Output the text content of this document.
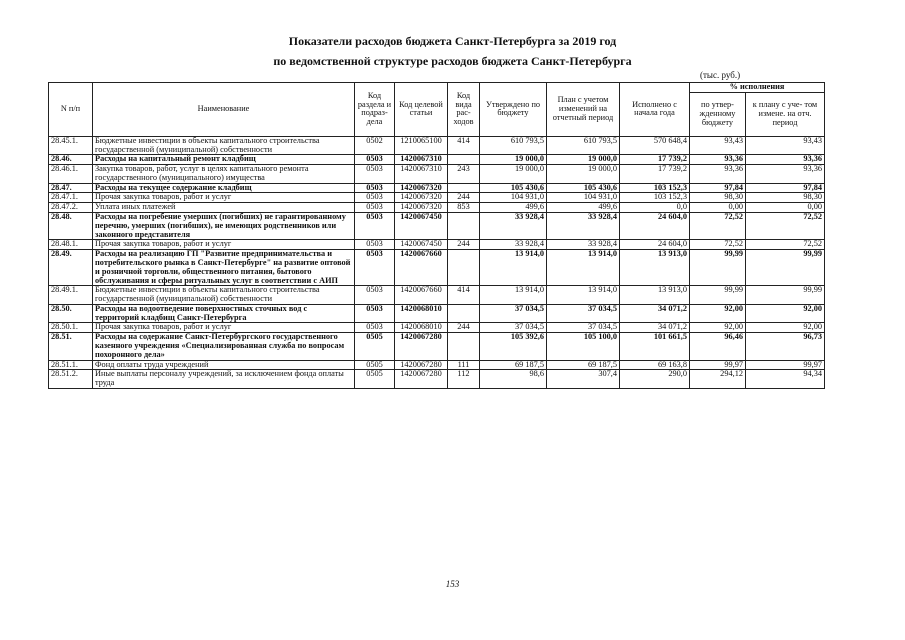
Показатели расходов бюджета Санкт-Петербурга за 2019 год
по ведомственной структуре расходов бюджета Санкт-Петербурга
(тыс. руб.)
N п/п	Наименование	Код раздела и подраз- дела	Код целевой статьи	Код вида рас- ходов	Утверждено по бюджету	План с учетом изменений на отчетный период	Исполнено с начала года	% исполнения	
								по утвер- жденному бюджету	к плану с уче- том измене. на отч. период
28.45.1.	Бюджетные инвестиции в объекты капитального строительства государственной (муниципальной) собственности	0502	1210065100	414	610 793,5	610 793,5	570 648,4	93,43	93,43
28.46.	Расходы на капитальный ремонт кладбищ	0503	1420067310		19 000,0	19 000,0	17 739,2	93,36	93,36
28.46.1.	Закупка товаров, работ, услуг в целях капитального ремонта государственного (муниципального) имущества	0503	1420067310	243	19 000,0	19 000,0	17 739,2	93,36	93,36
28.47.	Расходы на текущее содержание кладбищ	0503	1420067320		105 430,6	105 430,6	103 152,3	97,84	97,84
28.47.1.	Прочая закупка товаров, работ и услуг	0503	1420067320	244	104 931,0	104 931,0	103 152,3	98,30	98,30
28.47.2.	Уплата иных платежей	0503	1420067320	853	499,6	499,6	0,0	0,00	0,00
28.48.	Расходы на погребение умерших (погибших) не гарантированному перечню, умерших (погибших), не имеющих родственников или законного представителя	0503	1420067450		33 928,4	33 928,4	24 604,0	72,52	72,52
28.48.1.	Прочая закупка товаров, работ и услуг	0503	1420067450	244	33 928,4	33 928,4	24 604,0	72,52	72,52
28.49.	Расходы на реализацию ГП "Развитие предпринимательства и потребительского рынка в Санкт-Петербурге" на развитие оптовой и розничной торговли, общественного питания, бытового обслуживания и сферы ритуальных услуг в соответствии с АИП	0503	1420067660		13 914,0	13 914,0	13 913,0	99,99	99,99
28.49.1.	Бюджетные инвестиции в объекты капитального строительства государственной (муниципальной) собственности	0503	1420067660	414	13 914,0	13 914,0	13 913,0	99,99	99,99
28.50.	Расходы на водоотведение поверхностных сточных вод с территорий кладбищ Санкт-Петербурга	0503	1420068010		37 034,5	37 034,5	34 071,2	92,00	92,00
28.50.1.	Прочая закупка товаров, работ и услуг	0503	1420068010	244	37 034,5	37 034,5	34 071,2	92,00	92,00
28.51.	Расходы на содержание Санкт-Петербургского государственного казенного учреждения «Специализированная служба по вопросам похоронного дела»	0505	1420067280		105 392,6	105 100,0	101 661,5	96,46	96,73
28.51.1.	Фонд оплаты труда учреждений	0505	1420067280	111	69 187,5	69 187,5	69 163,8	99,97	99,97
28.51.2.	Иные выплаты персоналу учреждений, за исключением фонда оплаты труда	0505	1420067280	112	98,6	307,4	290,0	294,12	94,34
153
